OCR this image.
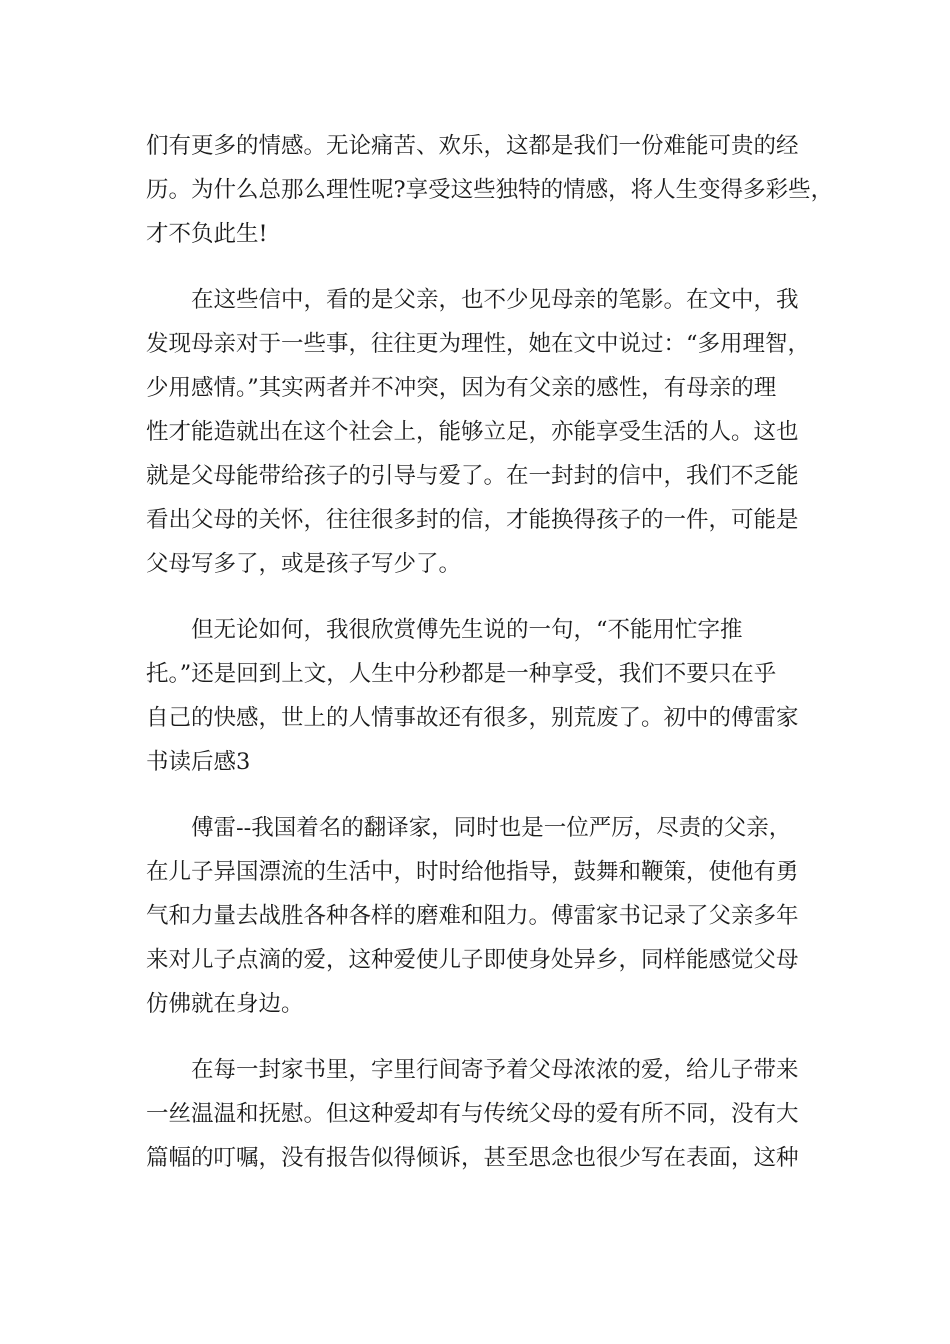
们有更多的情感。无论痛苦、欢乐，这都是我们一份难能可贵的经
历。为什么总那么理性呢?享受这些独特的情感，将人生变得多彩些，
才不负此生!
在这些信中，看的是父亲，也不少见母亲的笔影。在文中，我
发现母亲对于一些事，往往更为理性，她在文中说过：“多用理智，
少用感情。”其实两者并不冲突，因为有父亲的感性，有母亲的理
性才能造就出在这个社会上，能够立足，亦能享受生活的人。这也
就是父母能带给孩子的引导与爱了。在一封封的信中，我们不乏能
看出父母的关怀，往往很多封的信，才能换得孩子的一件，可能是
父母写多了，或是孩子写少了。
但无论如何，我很欣赏傅先生说的一句，“不能用忙字推
托。”还是回到上文，人生中分秒都是一种享受，我们不要只在乎
自己的快感，世上的人情事故还有很多，别荒废了。初中的傅雷家
书读后感3
傅雷--我国着名的翻译家，同时也是一位严厉，尽责的父亲，
在儿子异国漂流的生活中，时时给他指导，鼓舞和鞭策，使他有勇
气和力量去战胜各种各样的磨难和阻力。傅雷家书记录了父亲多年
来对儿子点滴的爱，这种爱使儿子即使身处异乡，同样能感觉父母
仿佛就在身边。
在每一封家书里，字里行间寄予着父母浓浓的爱，给儿子带来
一丝温温和抚慰。但这种爱却有与传统父母的爱有所不同，没有大
篇幅的叮嘱，没有报告似得倾诉，甚至思念也很少写在表面，这种
